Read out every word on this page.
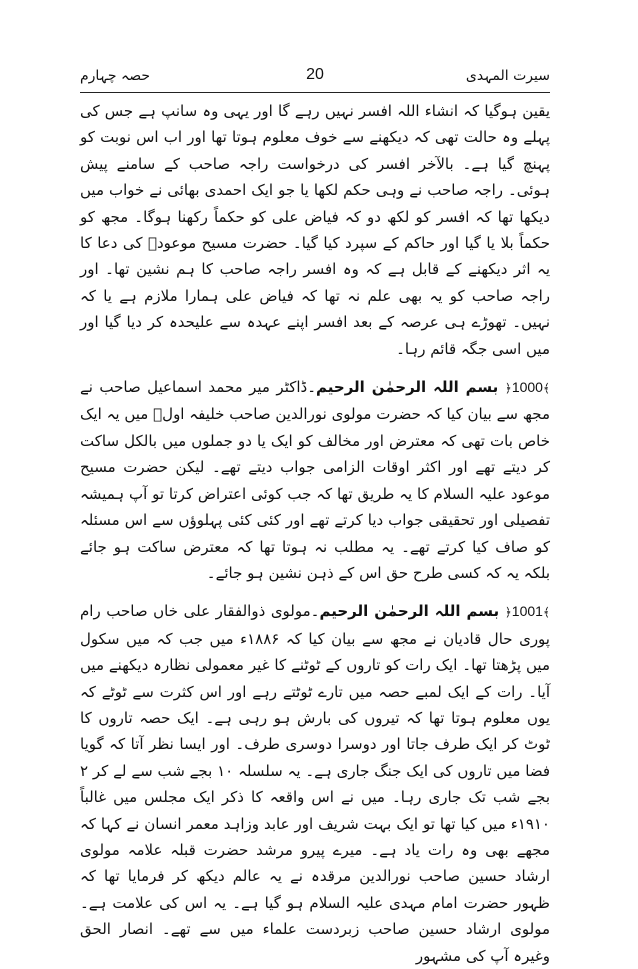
سیرت المہدی
20
حصہ چہارم

یقین ہوگیا کہ انشاء اللہ افسر نہیں رہے گا اور یہی وہ سانپ ہے جس کی پہلے وہ حالت تھی کہ دیکھنے سے خوف معلوم ہوتا تھا اور اب اس نوبت کو پہنچ گیا ہے۔ بالآخر افسر کی درخواست راجہ صاحب کے سامنے پیش ہوئی۔ راجہ صاحب نے وہی حکم لکھا یا جو ایک احمدی بھائی نے خواب میں دیکھا تھا کہ افسر کو لکھ دو کہ فیاض علی کو حکماً رکھنا ہوگا۔ مجھ کو حکماً بلا یا گیا اور حاکم کے سپرد کیا گیا۔ حضرت مسیح موعودؑ کی دعا کا یہ اثر دیکھنے کے قابل ہے کہ وہ افسر راجہ صاحب کا ہم نشین تھا۔ اور راجہ صاحب کو یہ بھی علم نہ تھا کہ فیاض علی ہمارا ملازم ہے یا کہ نہیں۔ تھوڑے ہی عرصہ کے بعد افسر اپنے عہدہ سے علیحدہ کر دیا گیا اور میں اسی جگہ قائم رہا۔

﴾1000﴿ بسم اللہ الرحمٰن الرحیم۔ڈاکٹر میر محمد اسماعیل صاحب نے مجھ سے بیان کیا کہ حضرت مولوی نورالدین صاحب خلیفہ اولؓ میں یہ ایک خاص بات تھی کہ معترض اور مخالف کو ایک یا دو جملوں میں بالکل ساکت کر دیتے تھے اور اکثر اوقات الزامی جواب دیتے تھے۔ لیکن حضرت مسیح موعود علیہ السلام کا یہ طریق تھا کہ جب کوئی اعتراض کرتا تو آپ ہمیشہ تفصیلی اور تحقیقی جواب دیا کرتے تھے اور کئی کئی پہلوؤں سے اس مسئلہ کو صاف کیا کرتے تھے۔ یہ مطلب نہ ہوتا تھا کہ معترض ساکت ہو جائے بلکہ یہ کہ کسی طرح حق اس کے ذہن نشین ہو جائے۔

﴾1001﴿ بسم اللہ الرحمٰن الرحیم۔مولوی ذوالفقار علی خاں صاحب رام پوری حال قادیان نے مجھ سے بیان کیا کہ ۱۸۸۶ء میں جب کہ میں سکول میں پڑھتا تھا۔ ایک رات کو تاروں کے ٹوٹنے کا غیر معمولی نظارہ دیکھنے میں آیا۔ رات کے ایک لمبے حصہ میں تارے ٹوٹتے رہے اور اس کثرت سے ٹوٹے کہ یوں معلوم ہوتا تھا کہ تیروں کی بارش ہو رہی ہے۔ ایک حصہ تاروں کا ٹوٹ کر ایک طرف جاتا اور دوسرا دوسری طرف۔ اور ایسا نظر آتا کہ گویا فضا میں تاروں کی ایک جنگ جاری ہے۔ یہ سلسلہ ۱۰ بجے شب سے لے کر ۲ بجے شب تک جاری رہا۔ میں نے اس واقعہ کا ذکر ایک مجلس میں غالباً ۱۹۱۰ء میں کیا تھا تو ایک بہت شریف اور عابد وزاہد معمر انسان نے کہا کہ مجھے بھی وہ رات یاد ہے۔ میرے پیرو مرشد حضرت قبلہ علامہ مولوی ارشاد حسین صاحب نورالدین مرقدہ نے یہ عالم دیکھ کر فرمایا تھا کہ ظہور حضرت امام مہدی علیہ السلام ہو گیا ہے۔ یہ اس کی علامت ہے۔ مولوی ارشاد حسین صاحب زبردست علماء میں سے تھے۔ انصار الحق وغیرہ آپ کی مشہور
